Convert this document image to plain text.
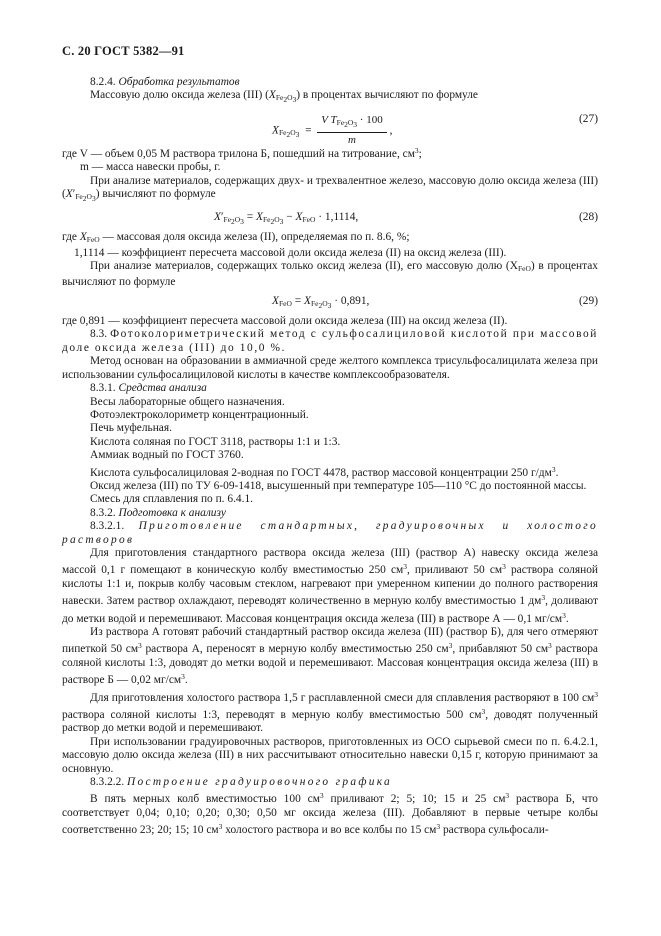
С. 20 ГОСТ 5382—91

8.2.4. Обработка результатов

Массовую долю оксида железа (III) $(X_{Fe_2O_3})$ в процентах вычисляют по формуле

$X_{Fe_2O_3} = \frac{V T_{Fe_2O_3} \cdot 100}{m}$ ,
(27)

где V — объем 0,05 М раствора трилона Б, пошедший на титрование, $см^3$;

m — масса навески пробы, г.

При анализе материалов, содержащих двух- и трехвалентное железо, массовую долю оксида железа (III) $(X'_{Fe_2O_3})$ вычисляют по формуле

$X'_{Fe_2O_3} = X_{Fe_2O_3} - X_{FeO} \cdot 1,1114$,	(28)

где $X_{FeO}$ — массовая доля оксида железа (II), определяемая по п. 8.6, %;

1,1114 — коэффициент пересчета массовой доли оксида железа (II) на оксид железа (III).

При анализе материалов, содержащих только оксид железа (II), его массовую долю $(X_{FeO})$ в процентах вычисляют по формуле

$X_{FeO} = X_{Fe_2O_3} \cdot 0,891$,	(29)

где 0,891 — коэффициент пересчета массовой доли оксида железа (III) на оксид железа (II).

8.3. Фотоколориметрический метод с сульфосалициловой кислотой при массовой доле оксида железа (III) до 10,0 %.

Метод основан на образовании в аммиачной среде желтого комплекса трисульфосалицилата железа при использовании сульфосалициловой кислоты в качестве комплексообразователя.

8.3.1. Средства анализа

Весы лабораторные общего назначения.

Фотоэлектроколориметр концентрационный.

Печь муфельная.

Кислота соляная по ГОСТ 3118, растворы 1:1 и 1:3.

Аммиак водный по ГОСТ 3760.

Кислота сульфосалициловая 2-водная по ГОСТ 4478, раствор массовой концентрации 250 $г/дм^3$.

Оксид железа (III) по ТУ 6-09-1418, высушенный при температуре 105—110 °С до постоянной массы.

Смесь для сплавления по п. 6.4.1.

8.3.2. Подготовка к анализу

8.3.2.1. Приготовление стандартных, градуировочных и холостого растворов

Для приготовления стандартного раствора оксида железа (III) (раствор А) навеску оксида железа массой 0,1 г помещают в коническую колбу вместимостью 250 $см^3$, приливают 50 $см^3$ раствора соляной кислоты 1:1 и, покрыв колбу часовым стеклом, нагревают при умеренном кипении до полного растворения навески. Затем раствор охлаждают, переводят количественно в мерную колбу вместимостью 1 $дм^3$, доливают до метки водой и перемешивают. Массовая концентрация оксида железа (III) в растворе А — 0,1 $мг/см^3$.

Из раствора А готовят рабочий стандартный раствор оксида железа (III) (раствор Б), для чего отмеряют пипеткой 50 $см^3$ раствора А, переносят в мерную колбу вместимостью 250 $см^3$, прибавляют 50 $см^3$ раствора соляной кислоты 1:3, доводят до метки водой и перемешивают. Массовая концентрация оксида железа (III) в растворе Б — 0,02 $мг/см^3$.

Для приготовления холостого раствора 1,5 г расплавленной смеси для сплавления растворяют в 100 $см^3$ раствора соляной кислоты 1:3, переводят в мерную колбу вместимостью 500 $см^3$, доводят полученный раствор до метки водой и перемешивают.

При использовании градуировочных растворов, приготовленных из ОСО сырьевой смеси по п. 6.4.2.1, массовую долю оксида железа (III) в них рассчитывают относительно навески 0,15 г, которую принимают за основную.

8.3.2.2. Построение градуировочного графика

В пять мерных колб вместимостью 100 $см^3$ приливают 2; 5; 10; 15 и 25 $см^3$ раствора Б, что соответствует 0,04; 0,10; 0,20; 0,30; 0,50 мг оксида железа (III). Добавляют в первые четыре колбы соответственно 23; 20; 15; 10 $см^3$ холостого раствора и во все колбы по 15 $см^3$ раствора сульфосали-
